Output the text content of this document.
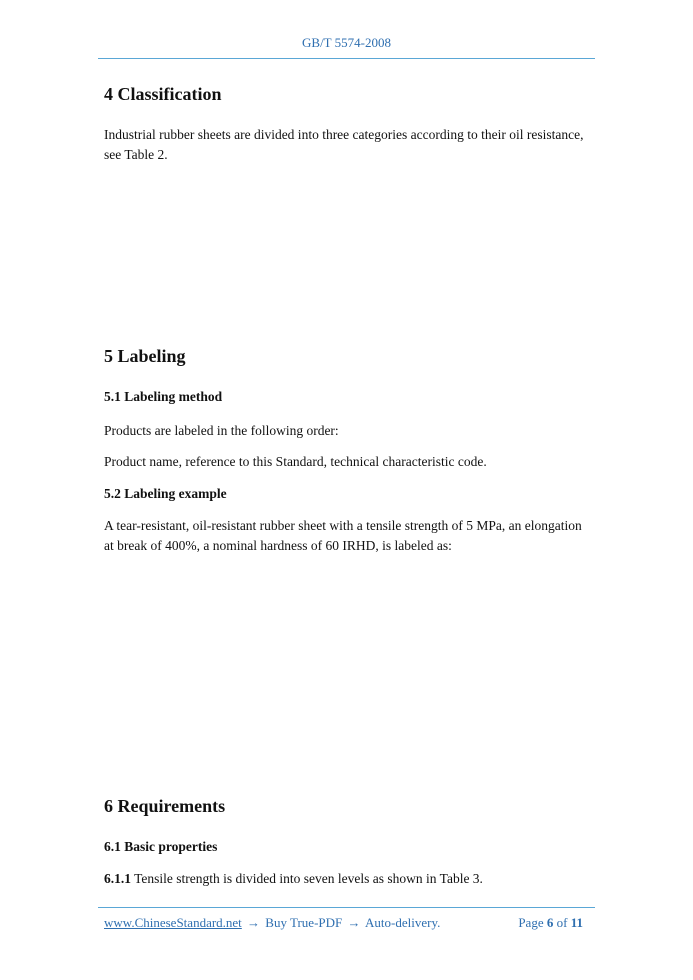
GB/T 5574-2008
4 Classification

Industrial rubber sheets are divided into three categories according to their oil resistance, see Table 2.

5 Labeling
5.1 Labeling method

Products are labeled in the following order:

Product name, reference to this Standard, technical characteristic code.

5.2 Labeling example

A tear-resistant, oil-resistant rubber sheet with a tensile strength of 5 MPa, an elongation at break of 400%, a nominal hardness of 60 IRHD, is labeled as:

6 Requirements
6.1 Basic properties

6.1.1 Tensile strength is divided into seven levels as shown in Table 3.

www.ChineseStandard.net → Buy True-PDF → Auto-delivery.	Page 6 of 11
